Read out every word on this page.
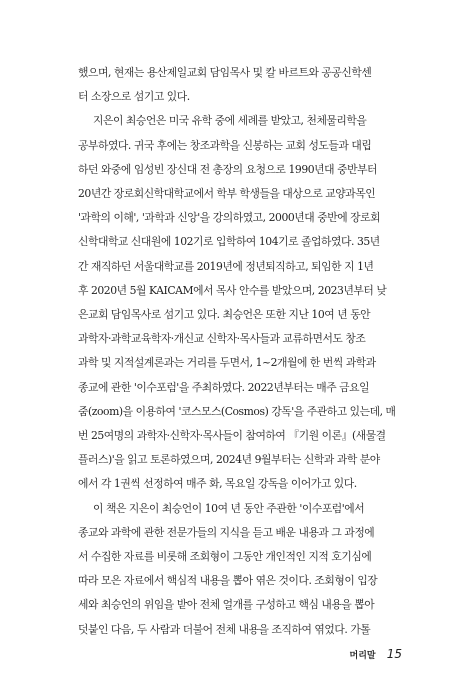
했으며, 현재는 용산제일교회 담임목사 및 칼 바르트와 공공신학센

터 소장으로 섬기고 있다.

지은이 최승언은 미국 유학 중에 세례를 받았고, 천체물리학을

공부하였다. 귀국 후에는 창조과학을 신봉하는 교회 성도들과 대립

하던 와중에 임성빈 장신대 전 총장의 요청으로 1990년대 중반부터

20년간 장로회신학대학교에서 학부 학생들을 대상으로 교양과목인

'과학의 이해', '과학과 신앙'을 강의하였고, 2000년대 중반에 장로회

신학대학교 신대원에 102기로 입학하여 104기로 졸업하였다. 35년

간 재직하던 서울대학교를 2019년에 정년퇴직하고, 퇴임한 지 1년

후 2020년 5월 KAICAM에서 목사 안수를 받았으며, 2023년부터 낮

은교회 담임목사로 섬기고 있다. 최승언은 또한 지난 10여 년 동안

과학자·과학교육학자·개신교 신학자·목사들과 교류하면서도 창조

과학 및 지적설계론과는 거리를 두면서, 1~2개월에 한 번씩 과학과

종교에 관한 '이수포럼'을 주최하였다. 2022년부터는 매주 금요일

줌(zoom)을 이용하여 '코스모스(Cosmos) 강독'을 주관하고 있는데, 매

번 25여명의 과학자·신학자·목사들이 참여하여 『기원 이론』(새물결

플러스)'을 읽고 토론하였으며, 2024년 9월부터는 신학과 과학 분야

에서 각 1권씩 선정하여 매주 화, 목요일 강독을 이어가고 있다.

이 책은 지은이 최승언이 10여 년 동안 주관한 '이수포럼'에서

종교와 과학에 관한 전문가들의 지식을 듣고 배운 내용과 그 과정에

서 수집한 자료를 비롯해 조회형이 그동안 개인적인 지적 호기심에

따라 모은 자료에서 핵심적 내용을 뽑아 엮은 것이다. 조회형이 입장

세와 최승언의 위임을 받아 전체 얼개를 구성하고 핵심 내용을 뽑아

덧붙인 다음, 두 사람과 더불어 전체 내용을 조직하여 엮었다. 가톨

머리말 15
